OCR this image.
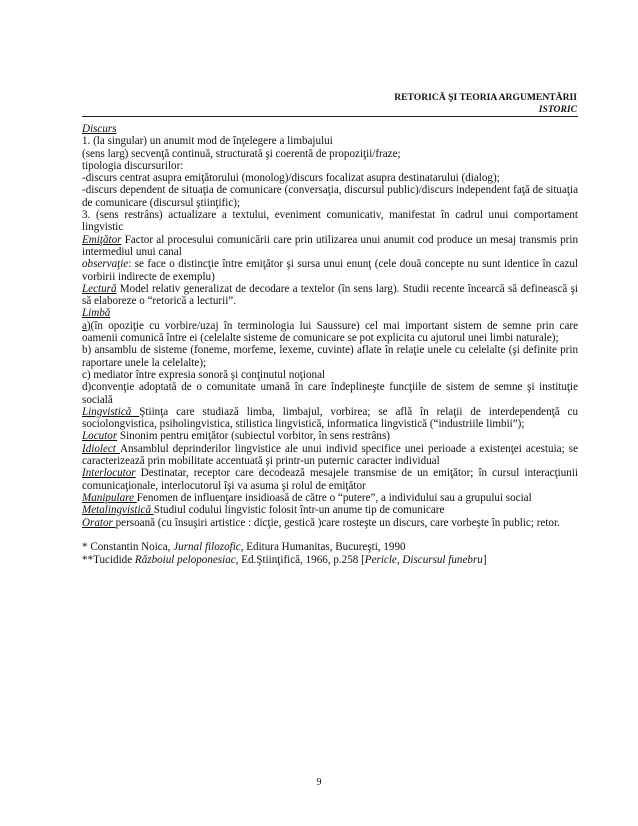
RETORICĂ ŞI TEORIA ARGUMENTĂRII
ISTORIC

Discurs

1. (la singular) un anumit mod de înţelegere a limbajului

(sens larg) secvenţă continuă, structurată şi coerentă de propoziţii/fraze;

tipologia discursurilor:

-discurs centrat asupra emiţătorului (monolog)/discurs focalizat asupra destinatarului (dialog);

-discurs dependent de situaţia de comunicare (conversaţia, discursul public)/discurs independent faţă de situaţia de comunicare (discursul ştiinţific);

3. (sens restrâns) actualizare a textului, eveniment comunicativ, manifestat în cadrul unui comportament lingvistic

Emiţător Factor al procesului comunicării care prin utilizarea unui anumit cod produce un mesaj transmis prin intermediul unui canal

observaţie: se face o distincţie între emiţător şi sursa unui enunţ (cele două concepte nu sunt identice în cazul vorbirii indirecte de exemplu)

Lectură Model relativ generalizat de decodare a textelor (în sens larg). Studii recente încearcă să definească şi să elaboreze o “retorică a lecturii”.

Limbă

a)(în opoziţie cu vorbire/uzaj în terminologia lui Saussure) cel mai important sistem de semne prin care oamenii comunică între ei (celelalte sisteme de comunicare se pot explicita cu ajutorul unei limbi naturale);

b) ansamblu de sisteme (foneme, morfeme, lexeme, cuvinte) aflate în relaţie unele cu celelalte (şi definite prin raportare unele la celelalte);

c) mediator între expresia sonoră şi conţinutul noţional

d)convenţie adoptată de o comunitate umană în care îndeplineşte funcţiile de sistem de semne şi instituţie socială

Lingvistică Ştiinţa care studiază limba, limbajul, vorbirea; se află în relaţii de interdependenţă cu sociolongvistica, psiholingvistica, stilistica lingvistică, informatica lingvistică (“industriile limbii”);

Locutor Sinonim pentru emiţător (subiectul vorbitor, în sens restrâns)

Idiolect Ansamblul deprinderilor lingvistice ale unui individ specifice unei perioade a existenţei acestuia; se caracterizează prin mobilitate accentuată şi printr-un puternic caracter individual

Interlocutor Destinatar, receptor care decodează mesajele transmise de un emiţător; în cursul interacţiunii comunicaţionale, interlocutorul îşi va asuma şi rolul de emiţător

Manipulare Fenomen de influenţare insidioasă de către o “putere”, a individului sau a grupului social

Metalingvistică Studiul codului lingvistic folosit într-un anume tip de comunicare

Orator persoană (cu însuşiri artistice : dicţie, gestică )care rosteşte un discurs, care vorbeşte în public; retor.

* Constantin Noica, Jurnal filozofic, Editura Humanitas, Bucureşti, 1990

**Tucidide Războiul peloponesiac, Ed.Ştiinţifică, 1966, p.258 [Pericle, Discursul funebru]

9
